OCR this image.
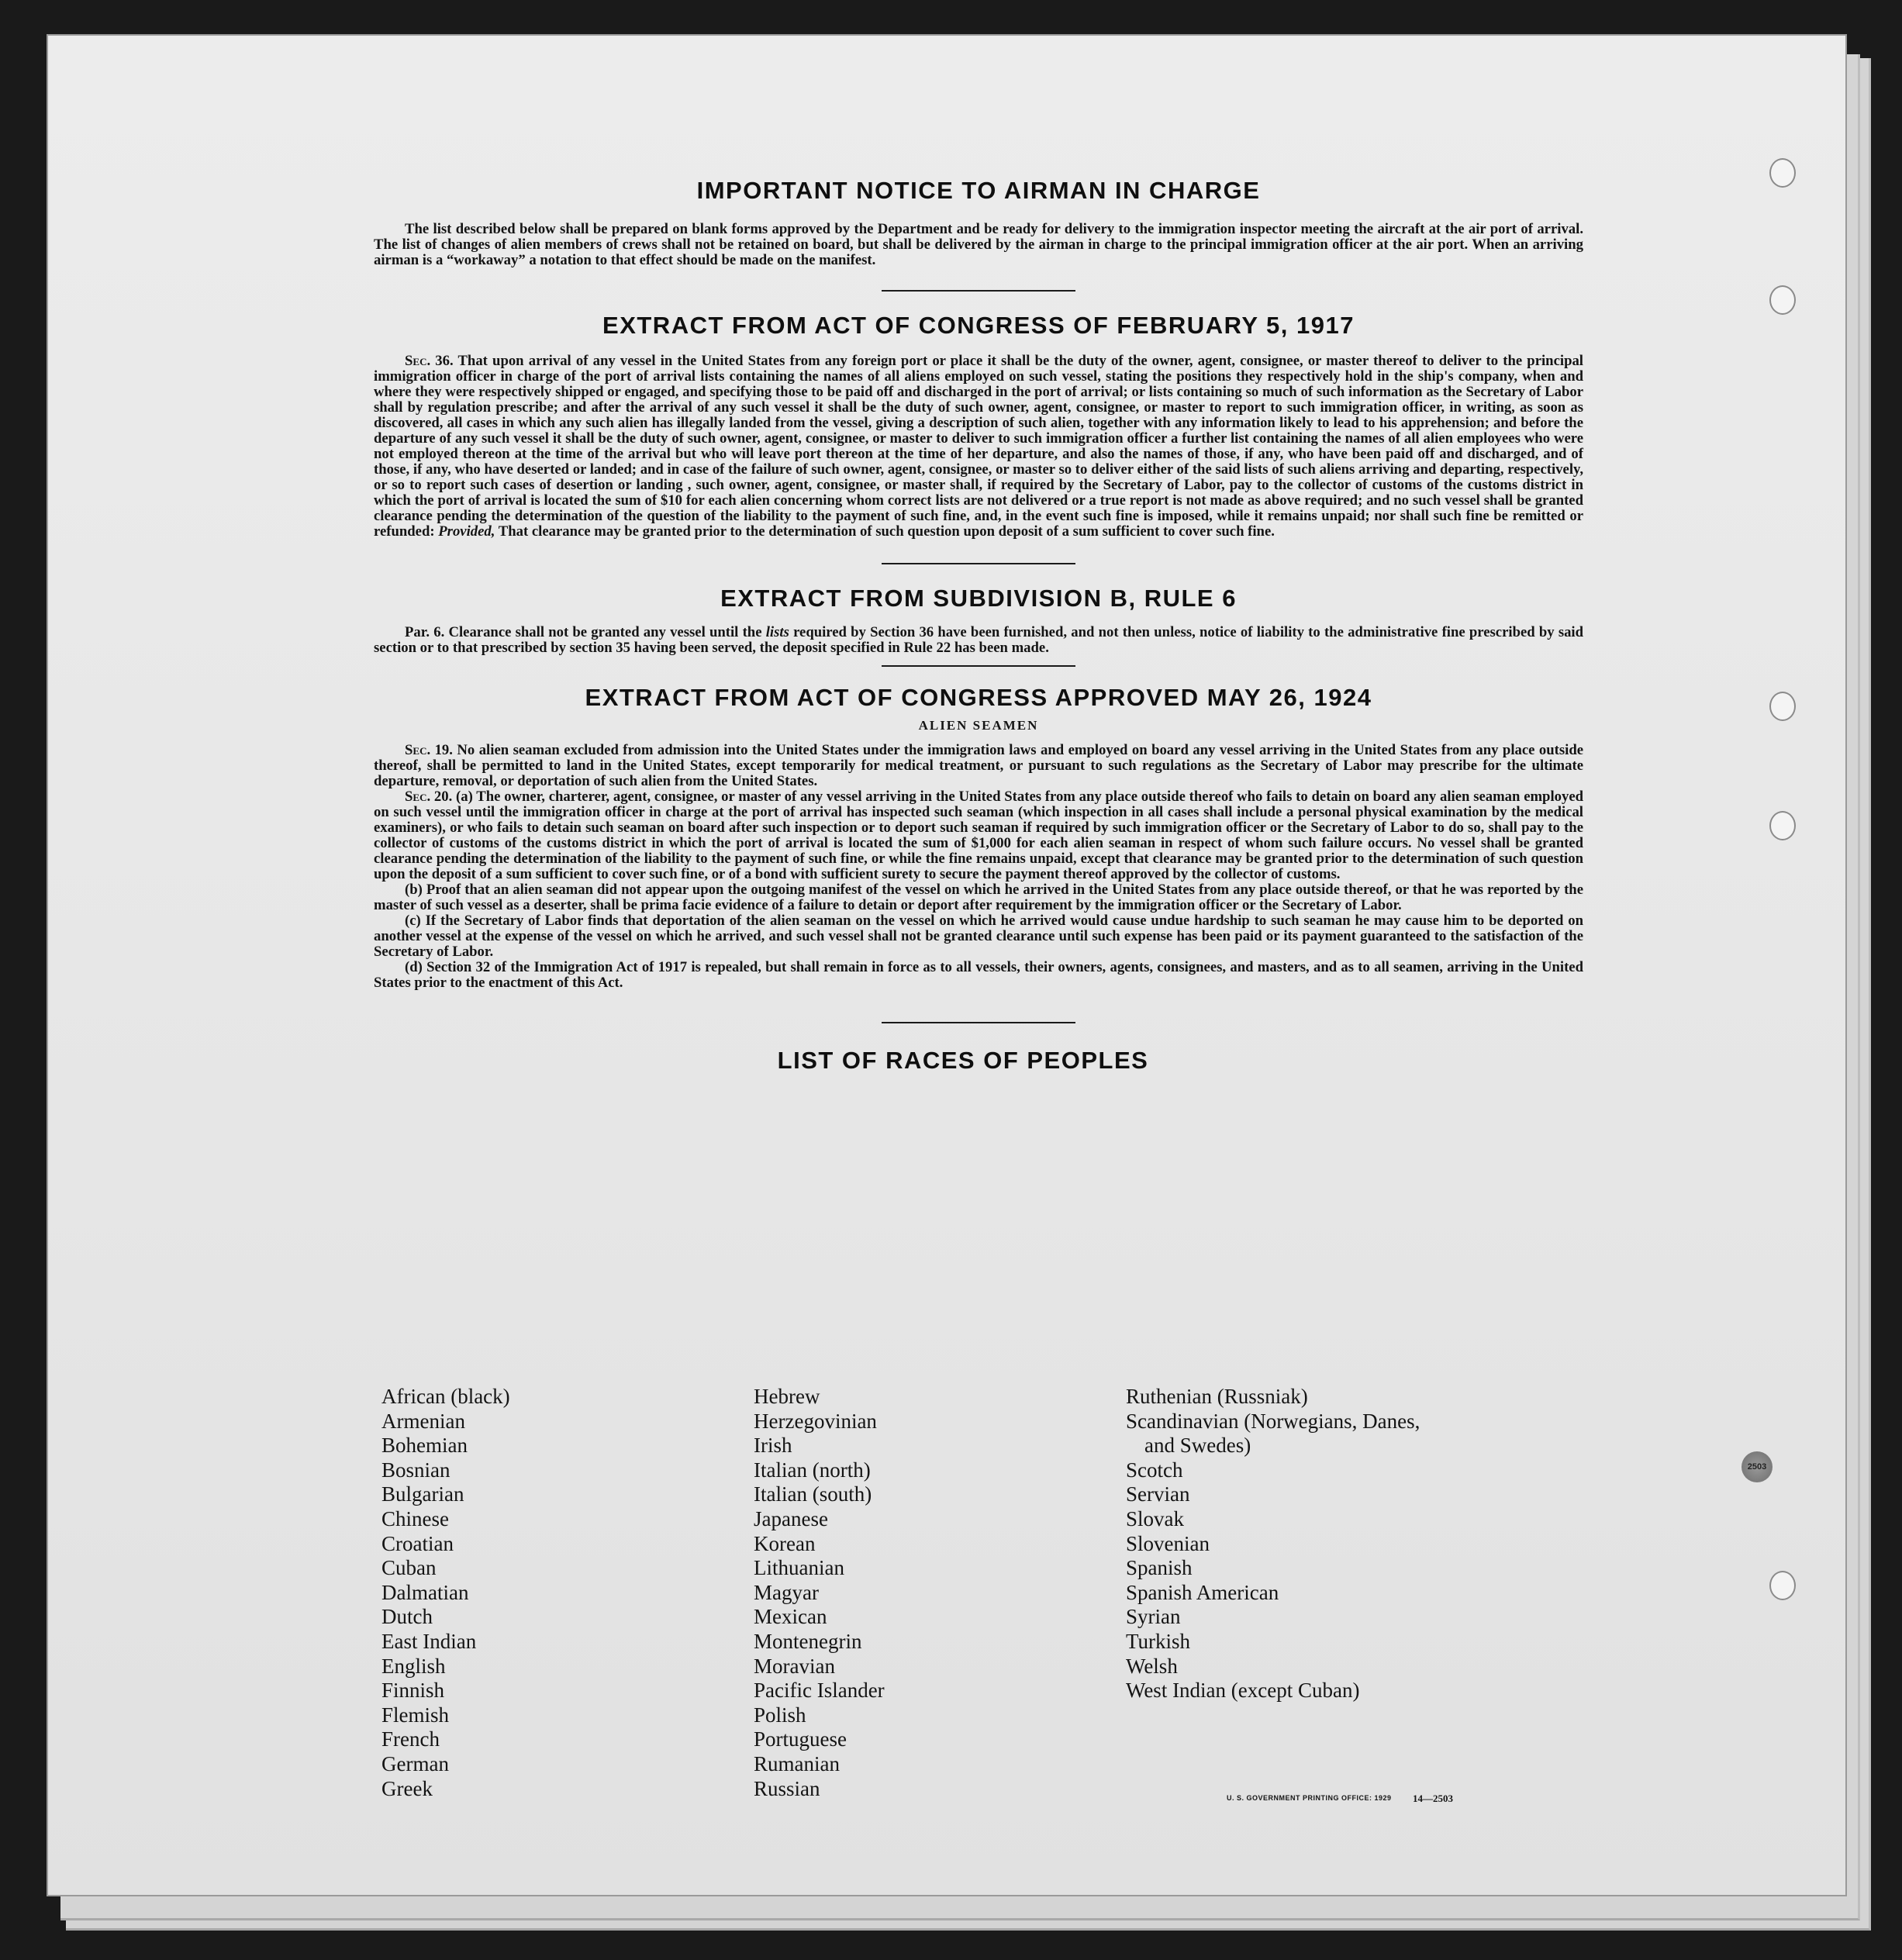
IMPORTANT NOTICE TO AIRMAN IN CHARGE

The list described below shall be prepared on blank forms approved by the Department and be ready for delivery to the immigration inspector meeting the aircraft at the air port of arrival. The list of changes of alien members of crews shall not be retained on board, but shall be delivered by the airman in charge to the principal immigration officer at the air port. When an arriving airman is a “workaway” a notation to that effect should be made on the manifest.

EXTRACT FROM ACT OF CONGRESS OF FEBRUARY 5, 1917

Sec. 36. That upon arrival of any vessel in the United States from any foreign port or place it shall be the duty of the owner, agent, consignee, or master thereof to deliver to the principal immigration officer in charge of the port of arrival lists containing the names of all aliens employed on such vessel, stating the positions they respectively hold in the ship's company, when and where they were respectively shipped or engaged, and specifying those to be paid off and discharged in the port of arrival; or lists containing so much of such information as the Secretary of Labor shall by regulation prescribe; and after the arrival of any such vessel it shall be the duty of such owner, agent, consignee, or master to report to such immigration officer, in writing, as soon as discovered, all cases in which any such alien has illegally landed from the vessel, giving a description of such alien, together with any information likely to lead to his apprehension; and before the departure of any such vessel it shall be the duty of such owner, agent, consignee, or master to deliver to such immigration officer a further list containing the names of all alien employees who were not employed thereon at the time of the arrival but who will leave port thereon at the time of her departure, and also the names of those, if any, who have been paid off and discharged, and of those, if any, who have deserted or landed; and in case of the failure of such owner, agent, consignee, or master so to deliver either of the said lists of such aliens arriving and departing, respectively, or so to report such cases of desertion or landing , such owner, agent, consignee, or master shall, if required by the Secretary of Labor, pay to the collector of customs of the customs district in which the port of arrival is located the sum of $10 for each alien concerning whom correct lists are not delivered or a true report is not made as above required; and no such vessel shall be granted clearance pending the determination of the question of the liability to the payment of such fine, and, in the event such fine is imposed, while it remains unpaid; nor shall such fine be remitted or refunded: Provided, That clearance may be granted prior to the determination of such question upon deposit of a sum sufficient to cover such fine.

EXTRACT FROM SUBDIVISION B, RULE 6

Par. 6. Clearance shall not be granted any vessel until the lists required by Section 36 have been furnished, and not then unless, notice of liability to the administrative fine prescribed by said section or to that prescribed by section 35 having been served, the deposit specified in Rule 22 has been made.

EXTRACT FROM ACT OF CONGRESS APPROVED MAY 26, 1924
ALIEN SEAMEN

Sec. 19. No alien seaman excluded from admission into the United States under the immigration laws and employed on board any vessel arriving in the United States from any place outside thereof, shall be permitted to land in the United States, except temporarily for medical treatment, or pursuant to such regulations as the Secretary of Labor may prescribe for the ultimate departure, removal, or deportation of such alien from the United States.

Sec. 20. (a) The owner, charterer, agent, consignee, or master of any vessel arriving in the United States from any place outside thereof who fails to detain on board any alien seaman employed on such vessel until the immigration officer in charge at the port of arrival has inspected such seaman (which inspection in all cases shall include a personal physical examination by the medical examiners), or who fails to detain such seaman on board after such inspection or to deport such seaman if required by such immigration officer or the Secretary of Labor to do so, shall pay to the collector of customs of the customs district in which the port of arrival is located the sum of $1,000 for each alien seaman in respect of whom such failure occurs. No vessel shall be granted clearance pending the determination of the liability to the payment of such fine, or while the fine remains unpaid, except that clearance may be granted prior to the determination of such question upon the deposit of a sum sufficient to cover such fine, or of a bond with sufficient surety to secure the payment thereof approved by the collector of customs.

(b) Proof that an alien seaman did not appear upon the outgoing manifest of the vessel on which he arrived in the United States from any place outside thereof, or that he was reported by the master of such vessel as a deserter, shall be prima facie evidence of a failure to detain or deport after requirement by the immigration officer or the Secretary of Labor.

(c) If the Secretary of Labor finds that deportation of the alien seaman on the vessel on which he arrived would cause undue hardship to such seaman he may cause him to be deported on another vessel at the expense of the vessel on which he arrived, and such vessel shall not be granted clearance until such expense has been paid or its payment guaranteed to the satisfaction of the Secretary of Labor.

(d) Section 32 of the Immigration Act of 1917 is repealed, but shall remain in force as to all vessels, their owners, agents, consignees, and masters, and as to all seamen, arriving in the United States prior to the enactment of this Act.

LIST OF RACES OF PEOPLES
African (black)
Armenian
Bohemian
Bosnian
Bulgarian
Chinese
Croatian
Cuban
Dalmatian
Dutch
East Indian
English
Finnish
Flemish
French
German
Greek
Hebrew
Herzegovinian
Irish
Italian (north)
Italian (south)
Japanese
Korean
Lithuanian
Magyar
Mexican
Montenegrin
Moravian
Pacific Islander
Polish
Portuguese
Rumanian
Russian
Ruthenian (Russniak)
Scandinavian (Norwegians, Danes,
and Swedes)
Scotch
Servian
Slovak
Slovenian
Spanish
Spanish American
Syrian
Turkish
Welsh
West Indian (except Cuban)
U. S. GOVERNMENT PRINTING OFFICE: 1929 14—2503
2503
